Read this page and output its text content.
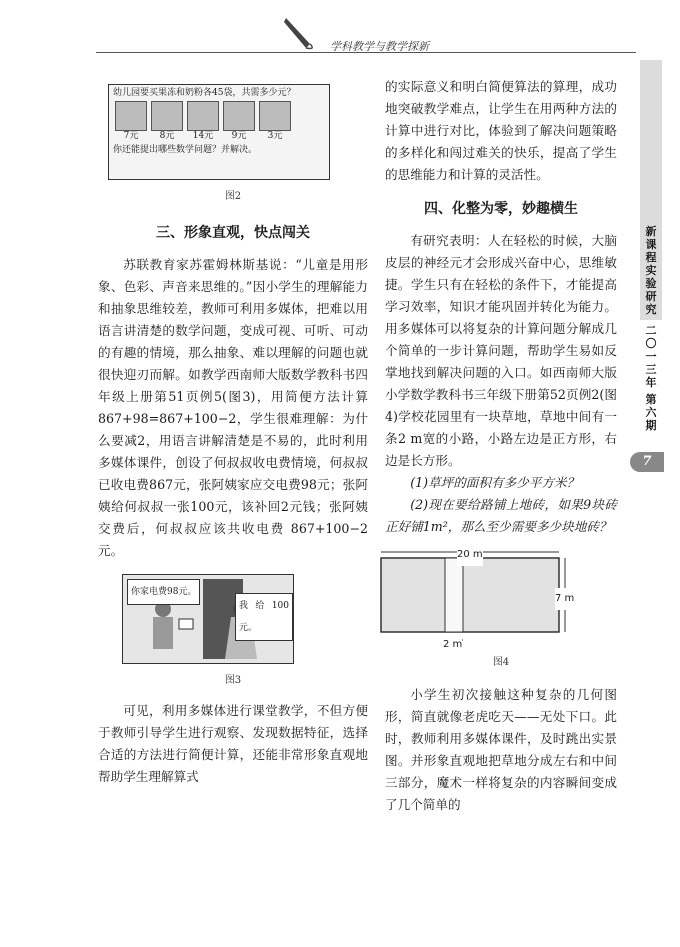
学科教学与教学探新
新课程实验研究
二〇一三年
第六期
7
幼儿园要买果冻和奶粉各45袋，共需多少元？
7元 8元 14元 9元 3元
你还能提出哪些数学问题？并解决。

图2

三、形象直观，快点闯关

苏联教育家苏霍姆林斯基说：“儿童是用形象、色彩、声音来思维的。”因小学生的理解能力和抽象思维较差，教师可利用多媒体，把难以用语言讲清楚的数学问题，变成可视、可听、可动的有趣的情境，那么抽象、难以理解的问题也就很快迎刃而解。如教学西南师大版数学教科书四年级上册第51页例5(图3)，用简便方法计算 867+98=867+100−2，学生很难理解：为什么要减2，用语言讲解清楚是不易的，此时利用多媒体课件，创设了何叔叔收电费情境，何叔叔已收电费867元，张阿姨家应交电费98元；张阿姨给何叔叔一张100元，该补回2元钱；张阿姨交费后，何叔叔应该共收电费 867+100−2元。

你家电费98元。
我给100元。

图3

可见，利用多媒体进行课堂教学，不但方便于教师引导学生进行观察、发现数据特征，选择合适的方法进行简便计算，还能非常形象直观地帮助学生理解算式

的实际意义和明白简便算法的算理，成功地突破教学难点，让学生在用两种方法的计算中进行对比，体验到了解决问题策略的多样化和闯过难关的快乐，提高了学生的思维能力和计算的灵活性。

四、化整为零，妙趣横生

有研究表明：人在轻松的时候，大脑皮层的神经元才会形成兴奋中心，思维敏捷。学生只有在轻松的条件下，才能提高学习效率，知识才能巩固并转化为能力。用多媒体可以将复杂的计算问题分解成几个简单的一步计算问题，帮助学生易如反掌地找到解决问题的入口。如西南师大版小学数学教科书三年级下册第52页例2(图4)学校花园里有一块草地，草地中间有一条2 m宽的小路，小路左边是正方形，右边是长方形。

(1)草坪的面积有多少平方米？

(2)现在要给路铺上地砖，如果9块砖正好铺1m²，那么至少需要多少块地砖？

20 m
7 m
2 m

图4

小学生初次接触这种复杂的几何图形，简直就像老虎吃天——无处下口。此时，教师利用多媒体课件，及时跳出实景图。并形象直观地把草地分成左右和中间三部分，魔术一样将复杂的内容瞬间变成了几个简单的
